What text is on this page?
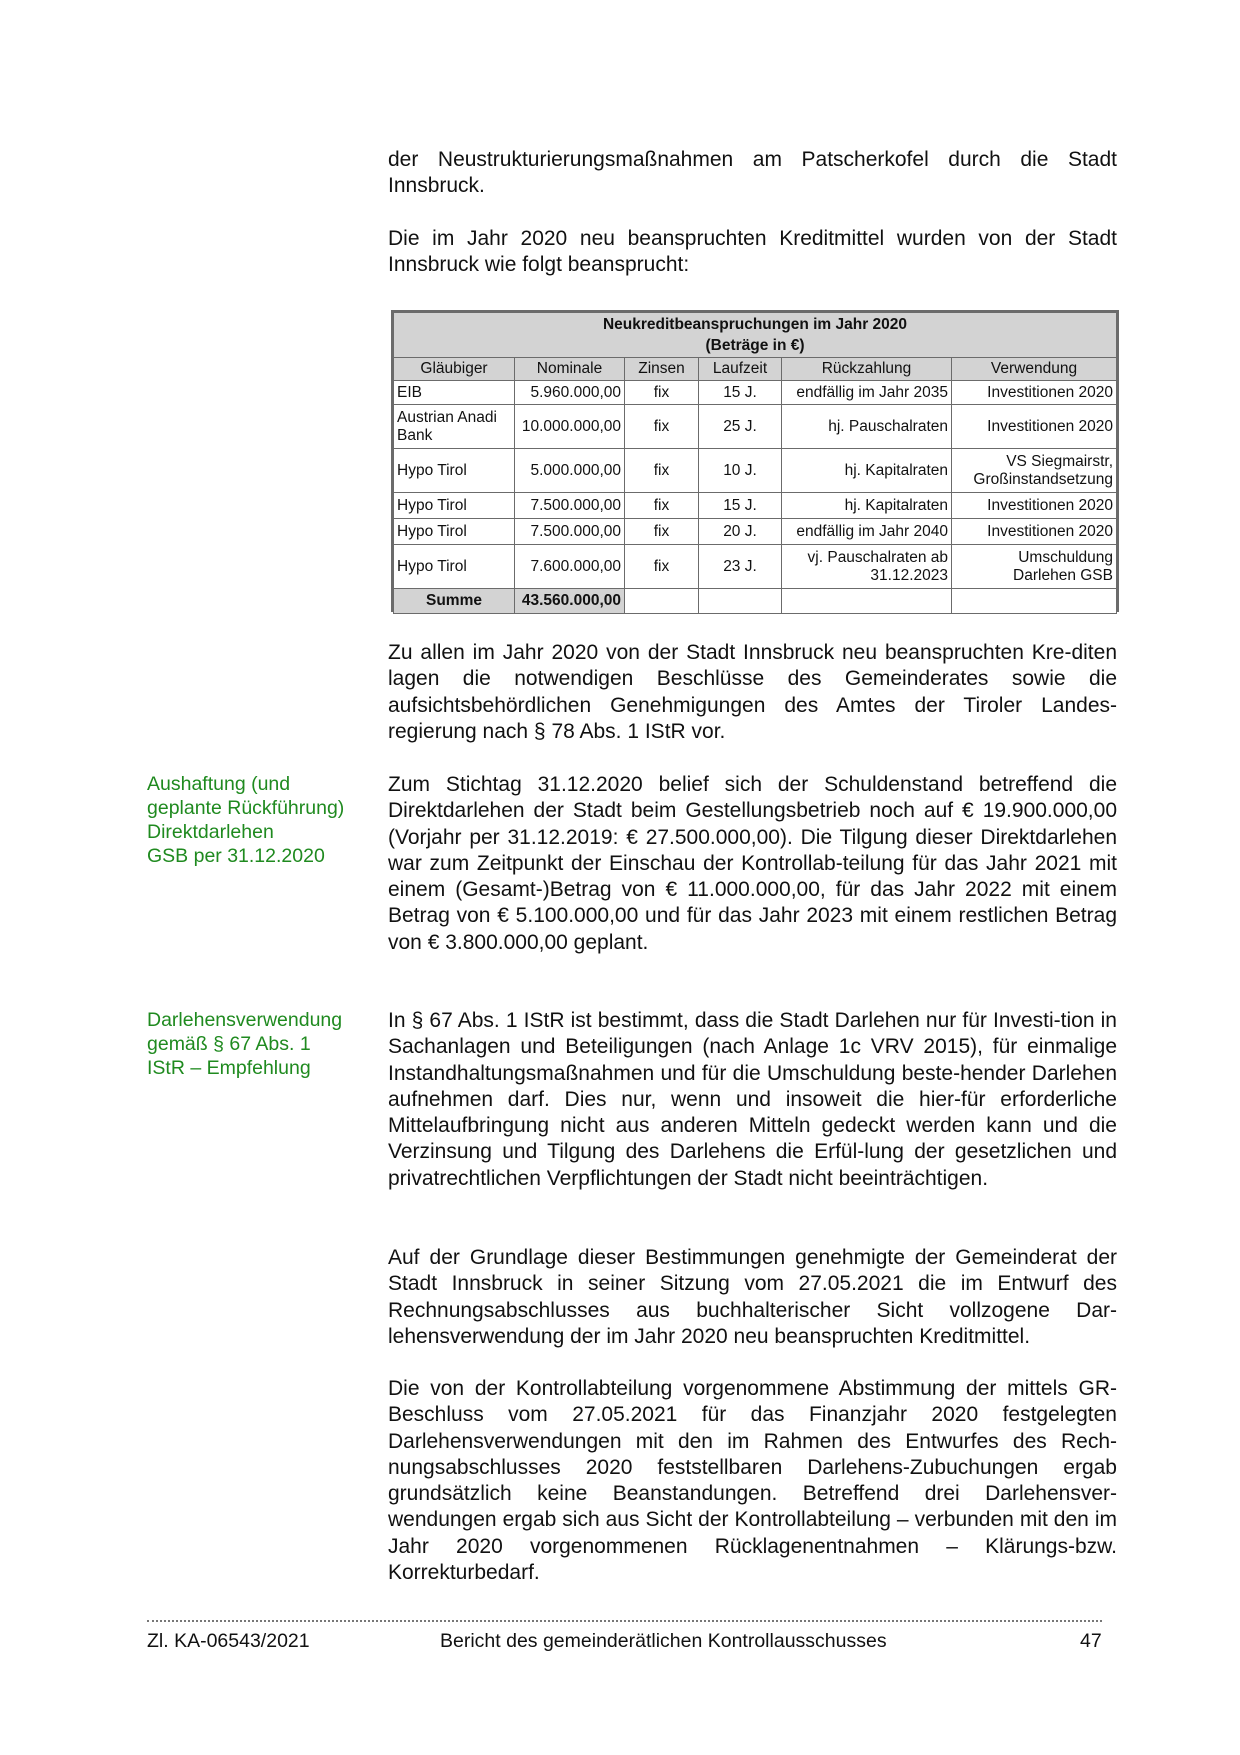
der Neustrukturierungsmaßnahmen am Patscherkofel durch die Stadt Innsbruck.

Die im Jahr 2020 neu beanspruchten Kreditmittel wurden von der Stadt Innsbruck wie folgt beansprucht:

Neukreditbeanspruchungen im Jahr 2020
(Beträge in €)					

Gläubiger	Nominale	Zinsen	Laufzeit	Rückzahlung	Verwendung
EIB	5.960.000,00	fix	15 J.	endfällig im Jahr 2035	Investitionen 2020
Austrian Anadi Bank	10.000.000,00	fix	25 J.	hj. Pauschalraten	Investitionen 2020
Hypo Tirol	5.000.000,00	fix	10 J.	hj. Kapitalraten	VS Siegmairstr, Großinstandsetzung
Hypo Tirol	7.500.000,00	fix	15 J.	hj. Kapitalraten	Investitionen 2020
Hypo Tirol	7.500.000,00	fix	20 J.	endfällig im Jahr 2040	Investitionen 2020
Hypo Tirol	7.600.000,00	fix	23 J.	vj. Pauschalraten ab 31.12.2023	Umschuldung Darlehen GSB
Summe	43.560.000,00				

Zu allen im Jahr 2020 von der Stadt Innsbruck neu beanspruchten Kre-diten lagen die notwendigen Beschlüsse des Gemeinderates sowie die aufsichtsbehördlichen Genehmigungen des Amtes der Tiroler Landes-regierung nach § 78 Abs. 1 IStR vor.

Aushaftung (und
geplante Rückführung)
Direktdarlehen
GSB per 31.12.2020

Zum Stichtag 31.12.2020 belief sich der Schuldenstand betreffend die Direktdarlehen der Stadt beim Gestellungsbetrieb noch auf € 19.900.000,00 (Vorjahr per 31.12.2019: € 27.500.000,00). Die Tilgung dieser Direktdarlehen war zum Zeitpunkt der Einschau der Kontrollab-teilung für das Jahr 2021 mit einem (Gesamt-)Betrag von € 11.000.000,00, für das Jahr 2022 mit einem Betrag von € 5.100.000,00 und für das Jahr 2023 mit einem restlichen Betrag von € 3.800.000,00 geplant.

Darlehensverwendung
gemäß § 67 Abs. 1
IStR – Empfehlung

In § 67 Abs. 1 IStR ist bestimmt, dass die Stadt Darlehen nur für Investi-tion in Sachanlagen und Beteiligungen (nach Anlage 1c VRV 2015), für einmalige Instandhaltungsmaßnahmen und für die Umschuldung beste-hender Darlehen aufnehmen darf. Dies nur, wenn und insoweit die hier-für erforderliche Mittelaufbringung nicht aus anderen Mitteln gedeckt werden kann und die Verzinsung und Tilgung des Darlehens die Erfül-lung der gesetzlichen und privatrechtlichen Verpflichtungen der Stadt nicht beeinträchtigen.

Auf der Grundlage dieser Bestimmungen genehmigte der Gemeinderat der Stadt Innsbruck in seiner Sitzung vom 27.05.2021 die im Entwurf des Rechnungsabschlusses aus buchhalterischer Sicht vollzogene Dar-lehensverwendung der im Jahr 2020 neu beanspruchten Kreditmittel.

Die von der Kontrollabteilung vorgenommene Abstimmung der mittels GR-Beschluss vom 27.05.2021 für das Finanzjahr 2020 festgelegten Darlehensverwendungen mit den im Rahmen des Entwurfes des Rech-nungsabschlusses 2020 feststellbaren Darlehens-Zubuchungen ergab grundsätzlich keine Beanstandungen. Betreffend drei Darlehensver-wendungen ergab sich aus Sicht der Kontrollabteilung – verbunden mit den im Jahr 2020 vorgenommenen Rücklagenentnahmen – Klärungs-bzw. Korrekturbedarf.

Zl. KA-06543/2021	Bericht des gemeinderätlichen Kontrollausschusses	47
